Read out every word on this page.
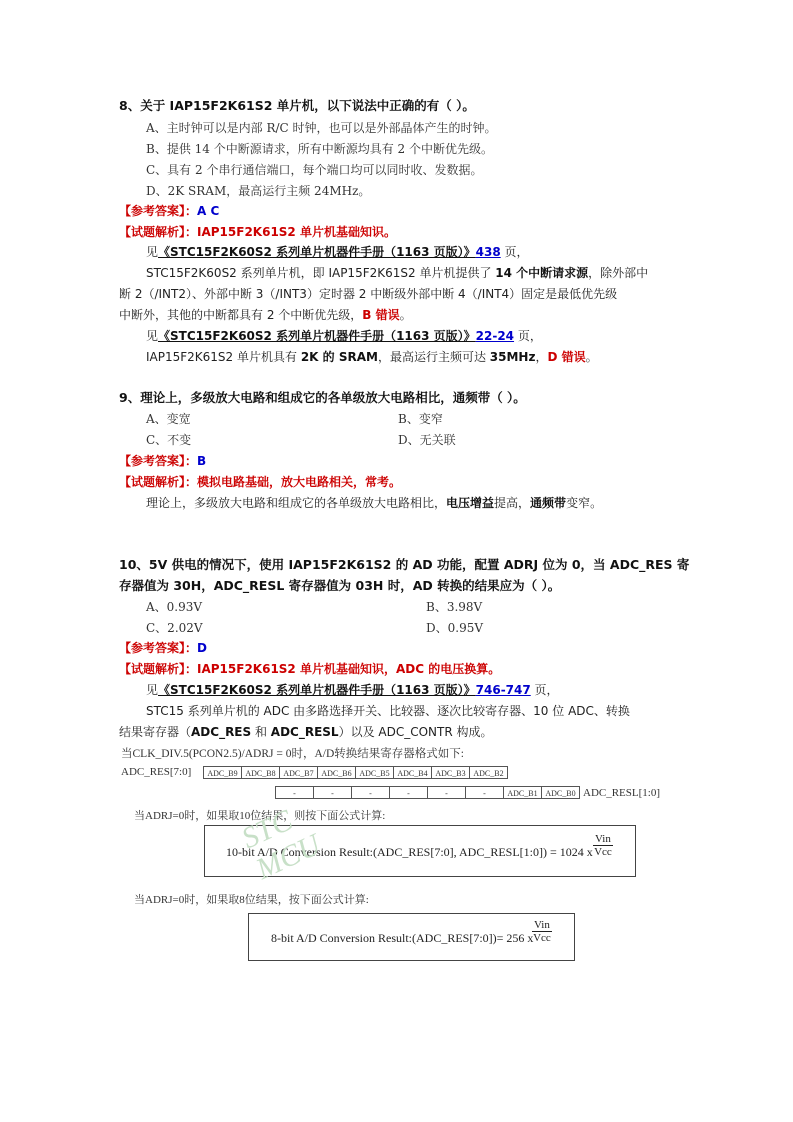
8、关于 IAP15F2K61S2 单片机，以下说法中正确的有（ ）。
A、主时钟可以是内部 R/C 时钟，也可以是外部晶体产生的时钟。
B、提供 14 个中断源请求，所有中断源均具有 2 个中断优先级。
C、具有 2 个串行通信端口，每个端口均可以同时收、发数据。
D、2K SRAM，最高运行主频 24MHz。
【参考答案】：A C
【试题解析】：IAP15F2K61S2 单片机基础知识。
见《STC15F2K60S2 系列单片机器件手册（1163 页版）》438 页，
STC15F2K60S2 系列单片机，即 IAP15F2K61S2 单片机提供了 14 个中断请求源，除外部中
断 2（/INT2）、外部中断 3（/INT3）定时器 2 中断级外部中断 4（/INT4）固定是最低优先级
中断外，其他的中断都具有 2 个中断优先级，B 错误。
见《STC15F2K60S2 系列单片机器件手册（1163 页版）》22-24 页，
IAP15F2K61S2 单片机具有 2K 的 SRAM，最高运行主频可达 35MHz，D 错误。
9、理论上，多级放大电路和组成它的各单级放大电路相比，通频带（ ）。
A、变宽	B、变窄
C、不变	D、无关联
【参考答案】：B
【试题解析】：模拟电路基础，放大电路相关，常考。
理论上，多级放大电路和组成它的各单级放大电路相比，电压增益提高，通频带变窄。
10、5V 供电的情况下，使用 IAP15F2K61S2 的 AD 功能，配置 ADRJ 位为 0，当 ADC_RES 寄
存器值为 30H，ADC_RESL 寄存器值为 03H 时，AD 转换的结果应为（ ）。
A、0.93V	B、3.98V
C、2.02V	D、0.95V
【参考答案】：D
【试题解析】：IAP15F2K61S2 单片机基础知识，ADC 的电压换算。
见《STC15F2K60S2 系列单片机器件手册（1163 页版）》746-747 页，
STC15 系列单片机的 ADC 由多路选择开关、比较器、逐次比较寄存器、10 位 ADC、转换
结果寄存器（ADC_RES 和 ADC_RESL）以及 ADC_CONTR 构成。
当CLK_DIV.5(PCON2.5)/ADRJ = 0时，A/D转换结果寄存器格式如下:
ADC_RES[7:0]	ADC_B9 ADC_B8 ADC_B7 ADC_B6 ADC_B5 ADC_B4 ADC_B3 ADC_B2
-	-	-	-	-	-	ADC_B1 ADC_B0 ADC_RESL[1:0]
当ADRJ=0时，如果取10位结果，则按下面公式计算:
10-bit A/D Conversion Result:(ADC_RES[7:0], ADC_RESL[1:0]) = 1024 x
Vin
Vcc
当ADRJ=0时，如果取8位结果，按下面公式计算:
8-bit A/D Conversion Result:(ADC_RES[7:0])= 256 x
Vin
Vcc
STC MCU
